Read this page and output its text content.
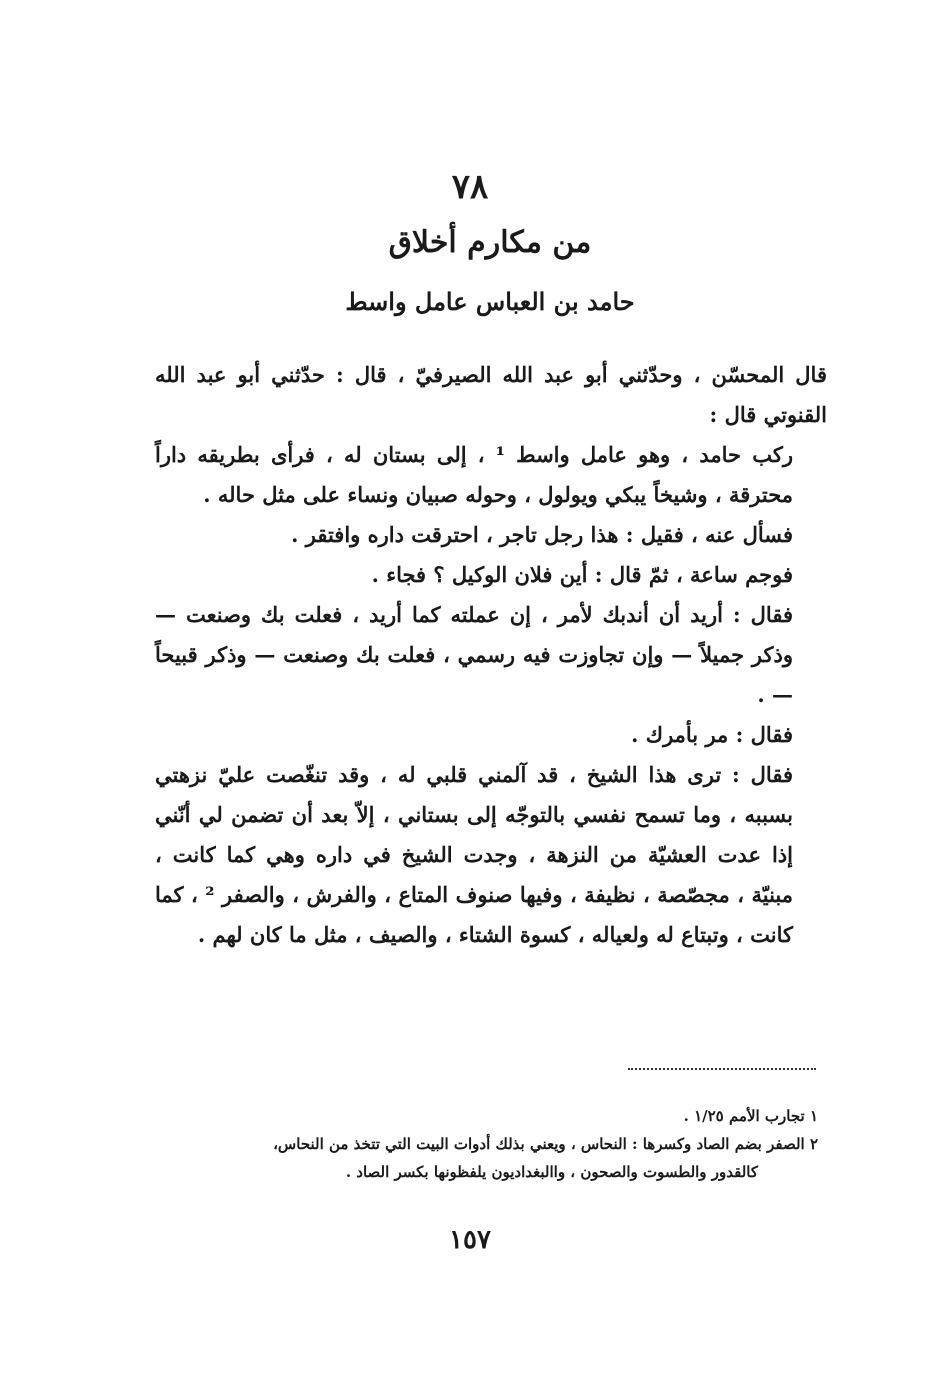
٧٨
من مكارم أخلاق
حامد بن العباس عامل واسط

قال المحسّن ، وحدّثني أبو عبد الله الصيرفيّ ، قال : حدّثني أبو عبد الله القنوتي قال :

ركب حامد ، وهو عامل واسط ¹ ، إلى بستان له ، فرأى بطريقه داراً محترقة ، وشيخاً يبكي ويولول ، وحوله صبيان ونساء على مثل حاله .

فسأل عنه ، فقيل : هذا رجل تاجر ، احترقت داره وافتقر .

فوجم ساعة ، ثمّ قال : أين فلان الوكيل ؟ فجاء .

فقال : أريد أن أندبك لأمر ، إن عملته كما أريد ، فعلت بك وصنعت — وذكر جميلاً — وإن تجاوزت فيه رسمي ، فعلت بك وصنعت — وذكر قبيحاً — .

فقال : مر بأمرك .

فقال : ترى هذا الشيخ ، قد آلمني قلبي له ، وقد تنغّصت عليّ نزهتي بسببه ، وما تسمح نفسي بالتوجّه إلى بستاني ، إلاّ بعد أن تضمن لي أنّني إذا عدت العشيّة من النزهة ، وجدت الشيخ في داره وهي كما كانت ، مبنيّة ، مجصّصة ، نظيفة ، وفيها صنوف المتاع ، والفرش ، والصفر ² ، كما كانت ، وتبتاع له ولعياله ، كسوة الشتاء ، والصيف ، مثل ما كان لهم .

١ تجارب الأمم ١/٢٥ .

٢ الصفر بضم الصاد وكسرها : النحاس ، ويعني بذلك أدوات البيت التي تتخذ من النحاس،

كالقدور والطسوت والصحون ، واالبغداديون يلفظونها بكسر الصاد .

١٥٧
